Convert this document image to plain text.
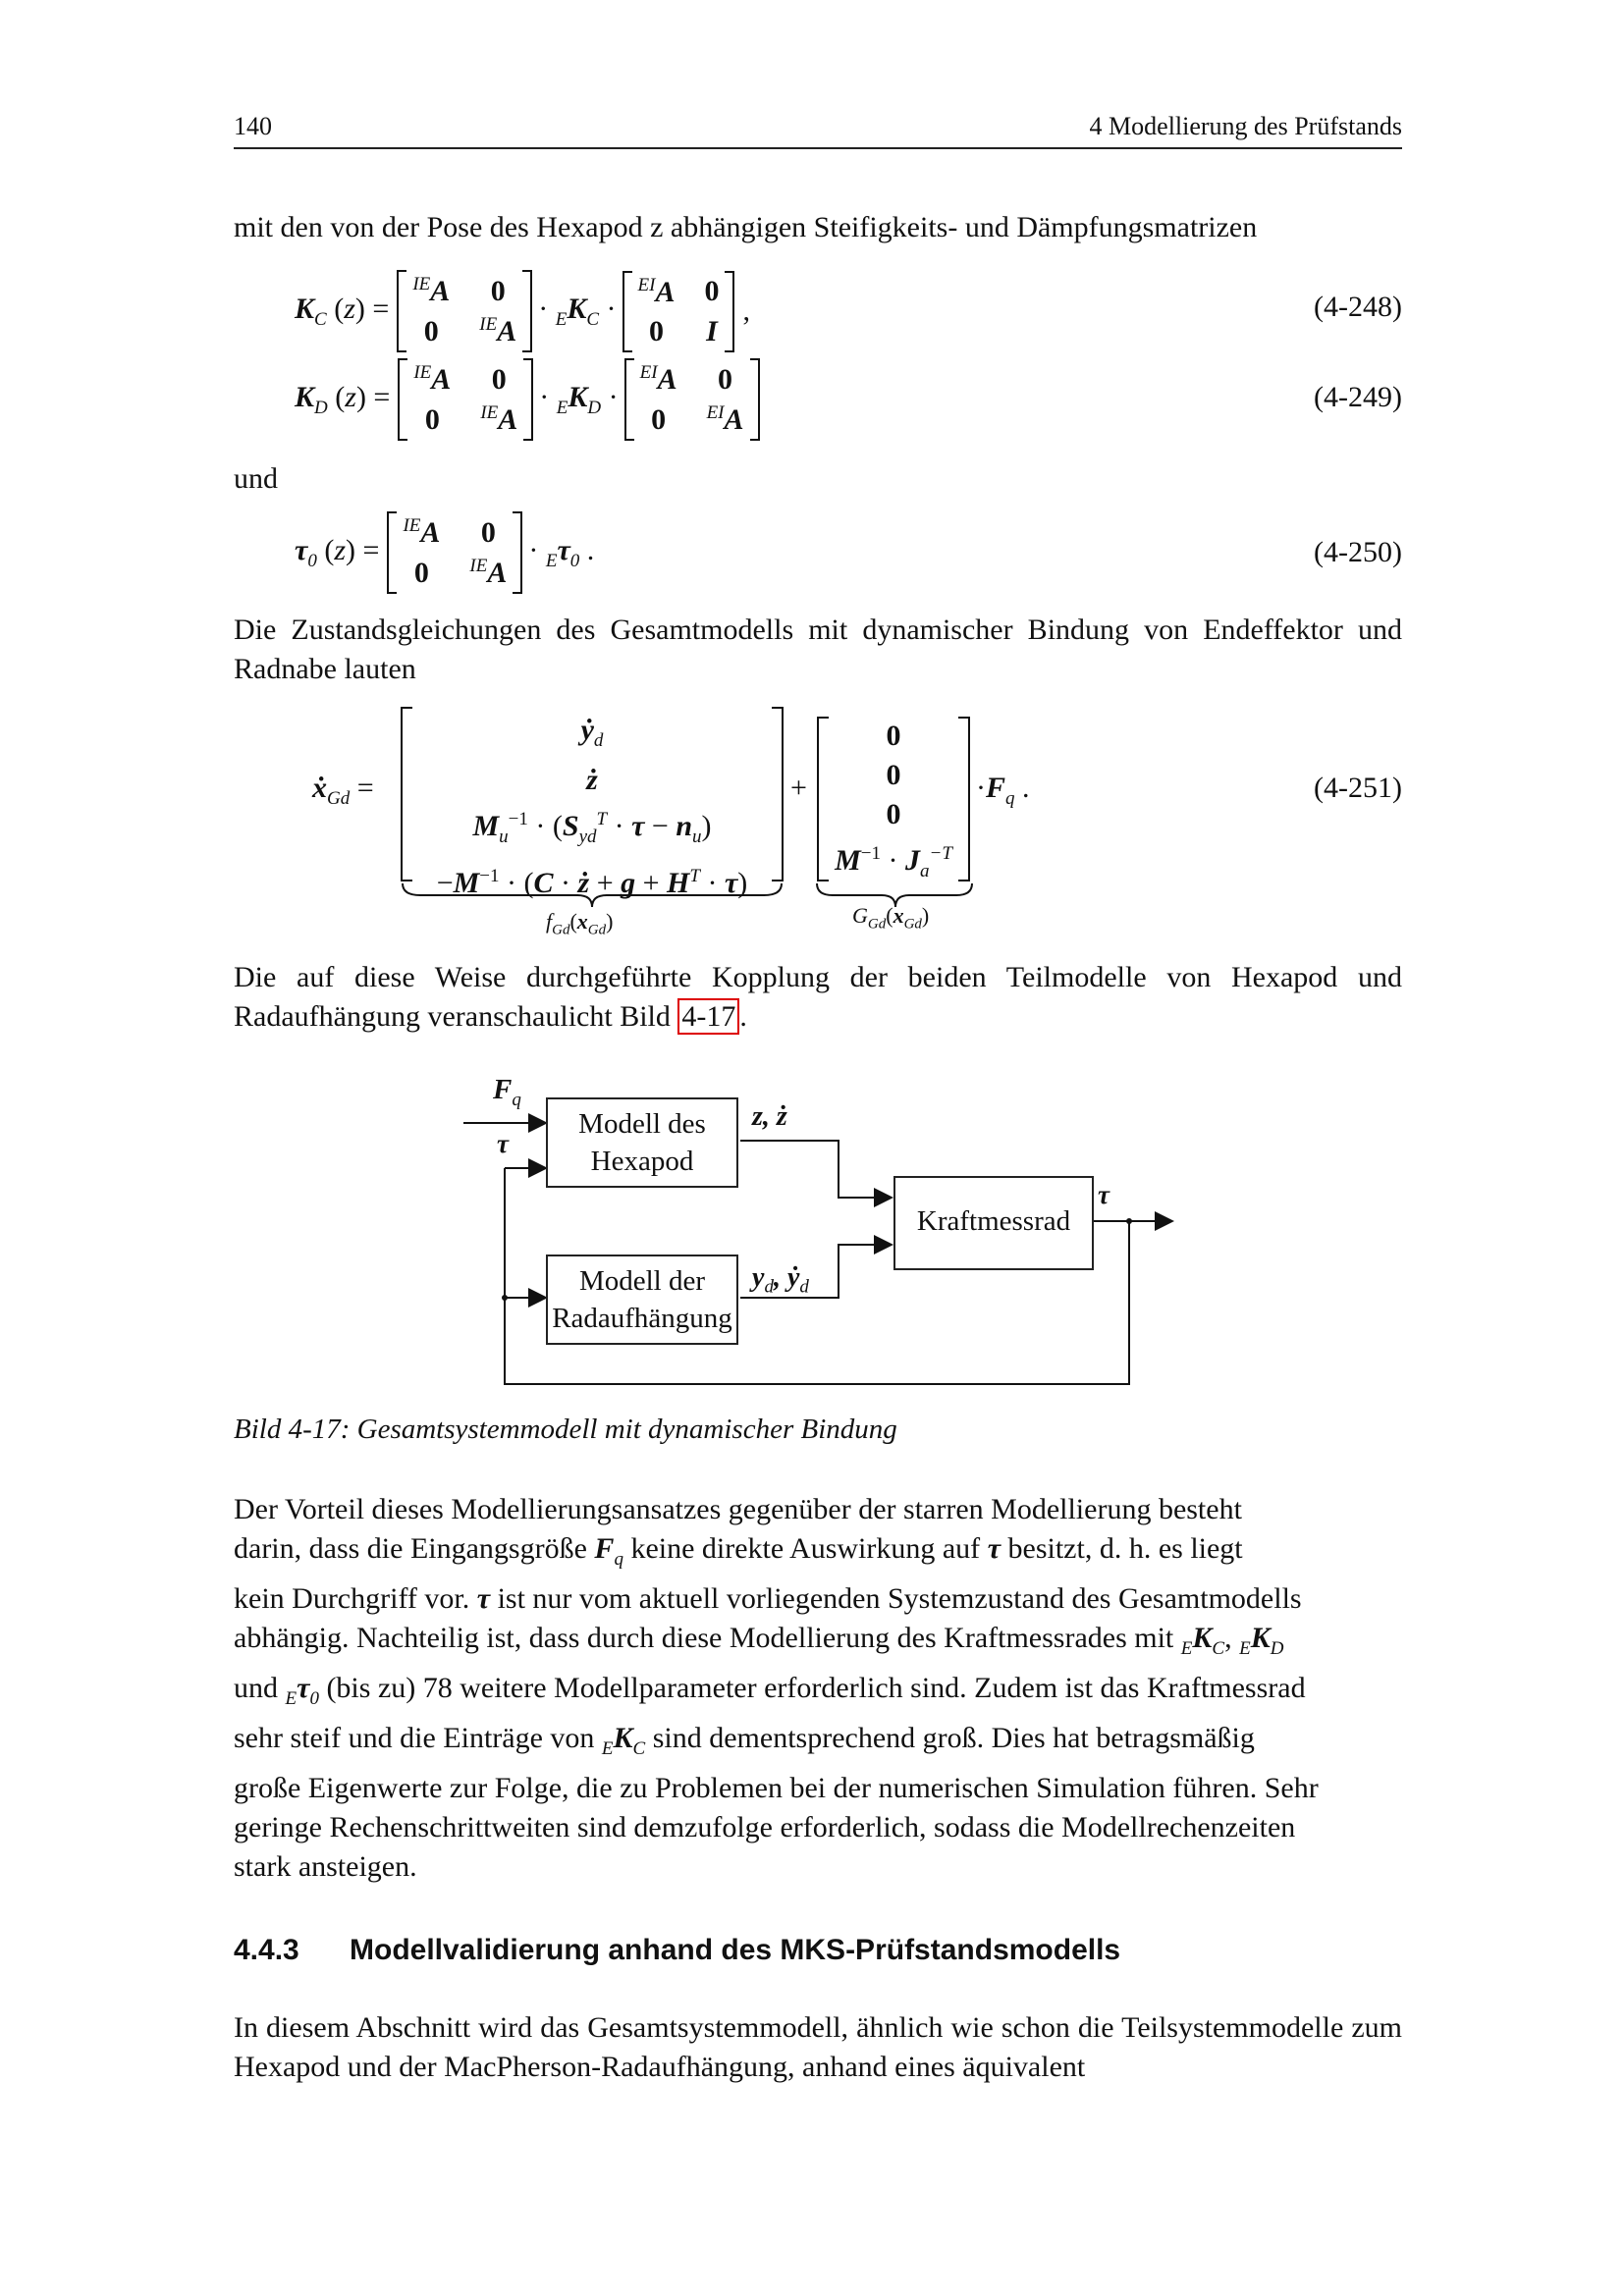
140	4 Modellierung des Prüfstands
mit den von der Pose des Hexapod z abhängigen Steifigkeits- und Dämpfungsmatrizen
$K_C$ (z) =
$^{IE}$A	0
0	$^{IE}$A
· $_EK_C$ ·
$^{EI}$A	0
0	I
,	(4-248)
$K_D$ (z) =
$^{IE}$A	0
0	$^{IE}$A
· $_EK_D$ ·
$^{EI}$A	0
0	$^{EI}$A
(4-249)
und
$\tau_0$ (z) =
$^{IE}$A	0
0	$^{IE}$A
· $_E\tau_0$ .	(4-250)
Die Zustandsgleichungen des Gesamtmodells mit dynamischer Bindung von Endeffektor und Radnabe lauten
ẋ$_{Gd}$ =
ẏ$_d$
ż
$M_u^{-1} \cdot (S_{yd}^T \cdot \tau - n_u)$
$-M^{-1} \cdot (C$ · ż + $g + H^T \cdot \tau$)
+
0
0
0
$M^{-1} \cdot J_a^{-T}$
$\cdot F_q$ .
$f_{Gd}(x_{Gd})$	$G_{Gd}(x_{Gd})$
(4-251)
Die auf diese Weise durchgeführte Kopplung der beiden Teilmodelle von Hexapod und Radaufhängung veranschaulicht Bild 4-17 .
$F_q$
τ
Modell des
Hexapod
z, ż
Kraftmessrad
τ
Modell der
Radaufhängung
$y_d$, ẏ$_d$
Bild 4-17: Gesamtsystemmodell mit dynamischer Bindung
Der Vorteil dieses Modellierungsansatzes gegenüber der starren Modellierung besteht
darin, dass die Eingangsgröße $F_q$ keine direkte Auswirkung auf τ besitzt, d. h. es liegt
kein Durchgriff vor. τ ist nur vom aktuell vorliegenden Systemzustand des Gesamtmodells
abhängig. Nachteilig ist, dass durch diese Modellierung des Kraftmessrades mit $_EK_C$, $_EK_D$
und $_E\tau_0$ (bis zu) 78 weitere Modellparameter erforderlich sind. Zudem ist das Kraftmessrad
sehr steif und die Einträge von $_EK_C$ sind dementsprechend groß. Dies hat betragsmäßig
große Eigenwerte zur Folge, die zu Problemen bei der numerischen Simulation führen. Sehr
geringe Rechenschrittweiten sind demzufolge erforderlich, sodass die Modellrechenzeiten
stark ansteigen.
4.4.3 Modellvalidierung anhand des MKS-Prüfstandsmodells
In diesem Abschnitt wird das Gesamtsystemmodell, ähnlich wie schon die Teilsystemmodelle zum Hexapod und der MacPherson-Radaufhängung, anhand eines äquivalent
